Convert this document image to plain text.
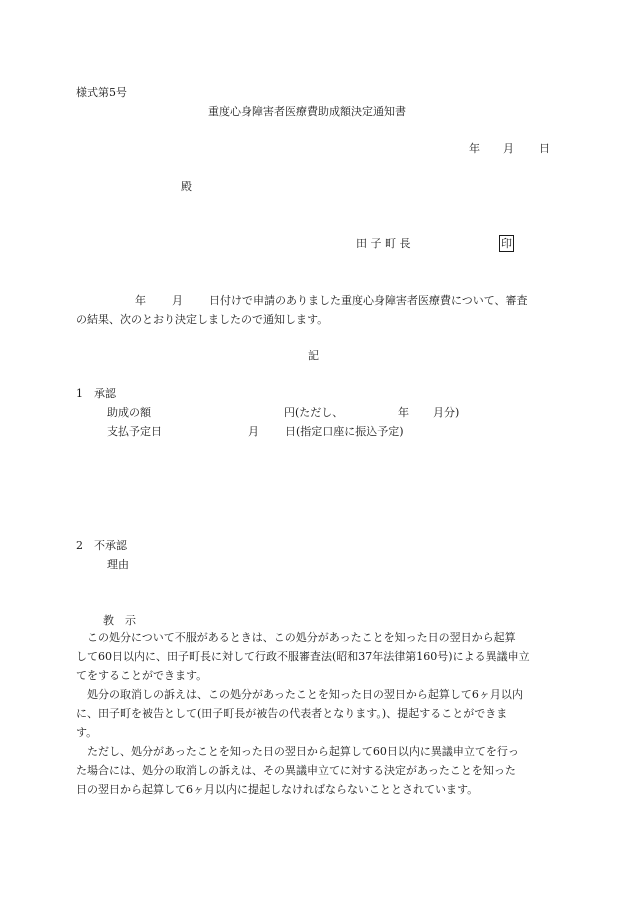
様式第5号
重度心身障害者医療費助成額決定通知書
年 月 日
殿
田 子 町 長	印
年 月 日付けで申請のありました重度心身障害者医療費について、審査
の結果、次のとおり決定しましたので通知します。
記
1　承認
助成の額	円(ただし、	年 月分)
支払予定日	月 日(指定口座に振込予定)
2　不承認
理由
教　示

　この処分について不服があるときは、この処分があったことを知った日の翌日から起算

して60日以内に、田子町長に対して行政不服審査法(昭和37年法律第160号)による異議申立

てをすることができます。

　処分の取消しの訴えは、この処分があったことを知った日の翌日から起算して6ヶ月以内

に、田子町を被告として(田子町長が被告の代表者となります。)、提起することができま

す。

　ただし、処分があったことを知った日の翌日から起算して60日以内に異議申立てを行っ

た場合には、処分の取消しの訴えは、その異議申立てに対する決定があったことを知った

日の翌日から起算して6ヶ月以内に提起しなければならないこととされています。
